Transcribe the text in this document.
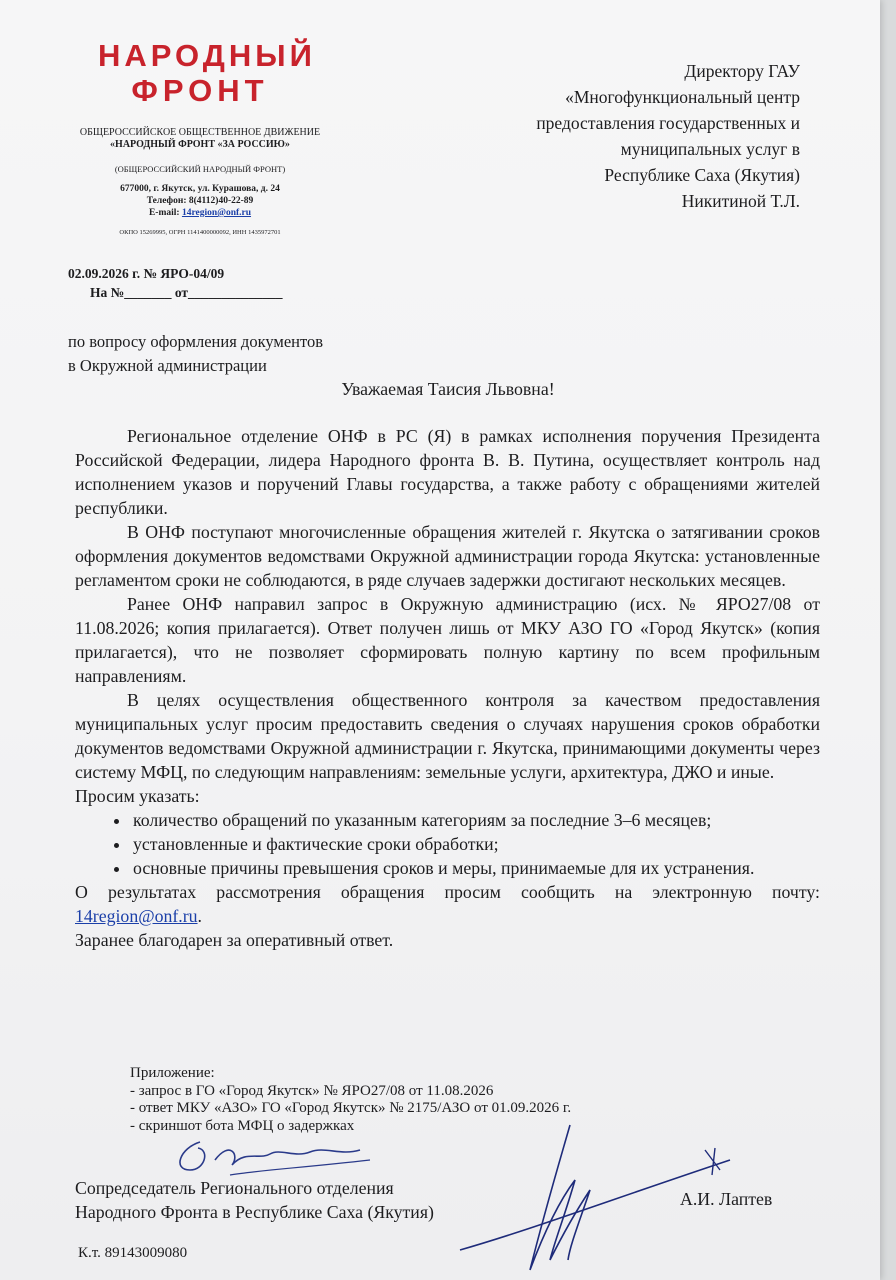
НАРОДНЫЙ
ФРОНТ
ОБЩЕРОССИЙСКОЕ ОБЩЕСТВЕННОЕ ДВИЖЕНИЕ
«НАРОДНЫЙ ФРОНТ «ЗА РОССИЮ»
(ОБЩЕРОССИЙСКИЙ НАРОДНЫЙ ФРОНТ)
677000, г. Якутск, ул. Курашова, д. 24
Телефон: 8(4112)40-22-89
E-mail: 14region@onf.ru
ОКПО 15269995, ОГРН 1141400000092, ИНН 1435972701
Директору ГАУ
«Многофункциональный центр
предоставления государственных и
муниципальных услуг в
Республике Саха (Якутия)
Никитиной Т.Л.
02.09.2026 г. № ЯРО-04/09
На №_______ от______________
по вопросу оформления документов
в Окружной администрации
Уважаемая Таисия Львовна!

Региональное отделение ОНФ в РС (Я) в рамках исполнения поручения Президента Российской Федерации, лидера Народного фронта В. В. Путина, осуществляет контроль над исполнением указов и поручений Главы государства, а также работу с обращениями жителей республики.

В ОНФ поступают многочисленные обращения жителей г. Якутска о затягивании сроков оформления документов ведомствами Окружной администрации города Якутска: установленные регламентом сроки не соблюдаются, в ряде случаев задержки достигают нескольких месяцев.

Ранее ОНФ направил запрос в Окружную администрацию (исх. № ЯРО27/08 от 11.08.2026; копия прилагается). Ответ получен лишь от МКУ АЗО ГО «Город Якутск» (копия прилагается), что не позволяет сформировать полную картину по всем профильным направлениям.

В целях осуществления общественного контроля за качеством предоставления муниципальных услуг просим предоставить сведения о случаях нарушения сроков обработки документов ведомствами Окружной администрации г. Якутска, принимающими документы через систему МФЦ, по следующим направлениям: земельные услуги, архитектура, ДЖО и иные.

Просим указать:

• количество обращений по указанным категориям за последние 3–6 месяцев;
• установленные и фактические сроки обработки;
• основные причины превышения сроков и меры, принимаемые для их устранения.

О результатах рассмотрения обращения просим сообщить на электронную почту: 14region@onf.ru.

Заранее благодарен за оперативный ответ.

Приложение:
- запрос в ГО «Город Якутск» № ЯРО27/08 от 11.08.2026
- ответ МКУ «АЗО» ГО «Город Якутск» № 2175/АЗО от 01.09.2026 г.
- скриншот бота МФЦ о задержках
Сопредседатель Регионального отделения
Народного Фронта в Республике Саха (Якутия)
А.И. Лаптев
К.т. 89143009080
